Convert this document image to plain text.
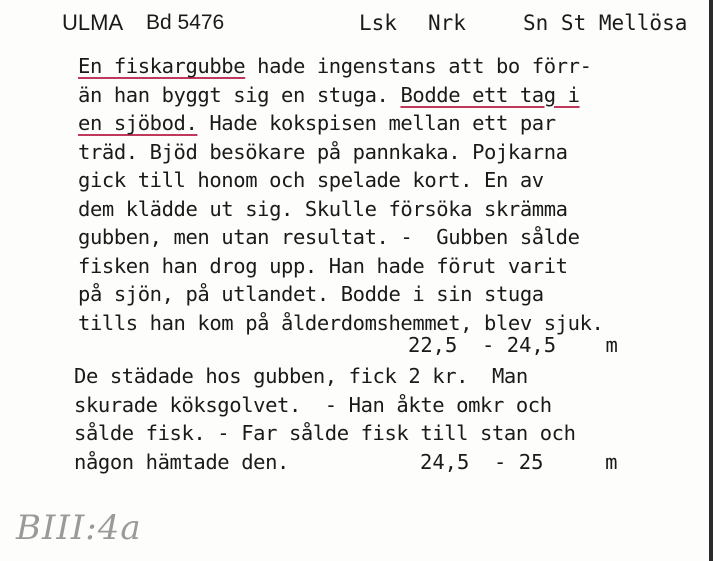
ULMA Bd 5476	Lsk Nrk	Sn St Mellösa
En fiskargubbe hade ingenstans att bo förr-
än han byggt sig en stuga. Bodde ett tag i
en sjöbod. Hade kokspisen mellan ett par
träd. Bjöd besökare på pannkaka. Pojkarna
gick till honom och spelade kort. En av
dem klädde ut sig. Skulle försöka skrämma
gubben, men utan resultat. -  Gubben sålde
fisken han drog upp. Han hade förut varit
på sjön, på utlandet. Bodde i sin stuga
tills han kom på ålderdomshemmet, blev sjuk.
22,5  - 24,5    m
De städade hos gubben, fick 2 kr.  Man
skurade köksgolvet.  - Han åkte omkr och
sålde fisk. - Far sålde fisk till stan och
någon hämtade den.	24,5  - 25     m
BIII:4a
